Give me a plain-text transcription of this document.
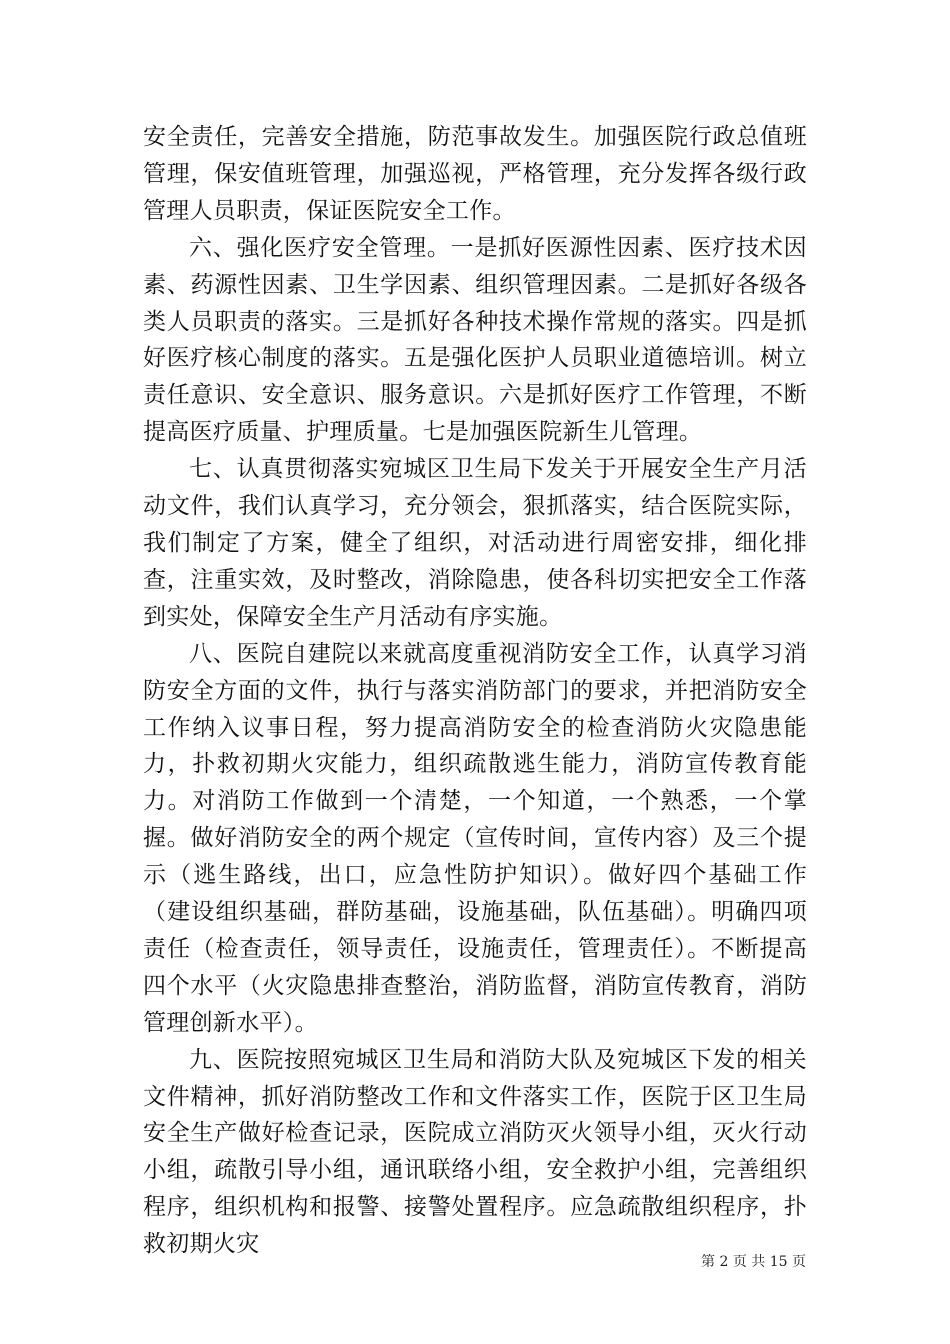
安全责任，完善安全措施，防范事故发生。加强医院行政总值班管理，保安值班管理，加强巡视，严格管理，充分发挥各级行政管理人员职责，保证医院安全工作。

六、强化医疗安全管理。一是抓好医源性因素、医疗技术因素、药源性因素、卫生学因素、组织管理因素。二是抓好各级各类人员职责的落实。三是抓好各种技术操作常规的落实。四是抓好医疗核心制度的落实。五是强化医护人员职业道德培训。树立责任意识、安全意识、服务意识。六是抓好医疗工作管理，不断提高医疗质量、护理质量。七是加强医院新生儿管理。

七、认真贯彻落实宛城区卫生局下发关于开展安全生产月活动文件，我们认真学习，充分领会，狠抓落实，结合医院实际，我们制定了方案，健全了组织，对活动进行周密安排，细化排查，注重实效，及时整改，消除隐患，使各科切实把安全工作落到实处，保障安全生产月活动有序实施。

八、医院自建院以来就高度重视消防安全工作，认真学习消防安全方面的文件，执行与落实消防部门的要求，并把消防安全工作纳入议事日程，努力提高消防安全的检查消防火灾隐患能力，扑救初期火灾能力，组织疏散逃生能力，消防宣传教育能力。对消防工作做到一个清楚，一个知道，一个熟悉，一个掌握。做好消防安全的两个规定（宣传时间，宣传内容）及三个提示（逃生路线，出口，应急性防护知识）。做好四个基础工作（建设组织基础，群防基础，设施基础，队伍基础）。明确四项责任（检查责任，领导责任，设施责任，管理责任）。不断提高四个水平（火灾隐患排查整治，消防监督，消防宣传教育，消防管理创新水平）。

九、医院按照宛城区卫生局和消防大队及宛城区下发的相关文件精神，抓好消防整改工作和文件落实工作，医院于区卫生局安全生产做好检查记录，医院成立消防灭火领导小组，灭火行动小组，疏散引导小组，通讯联络小组，安全救护小组，完善组织程序，组织机构和报警、接警处置程序。应急疏散组织程序，扑救初期火灾

第 2 页 共 15 页
